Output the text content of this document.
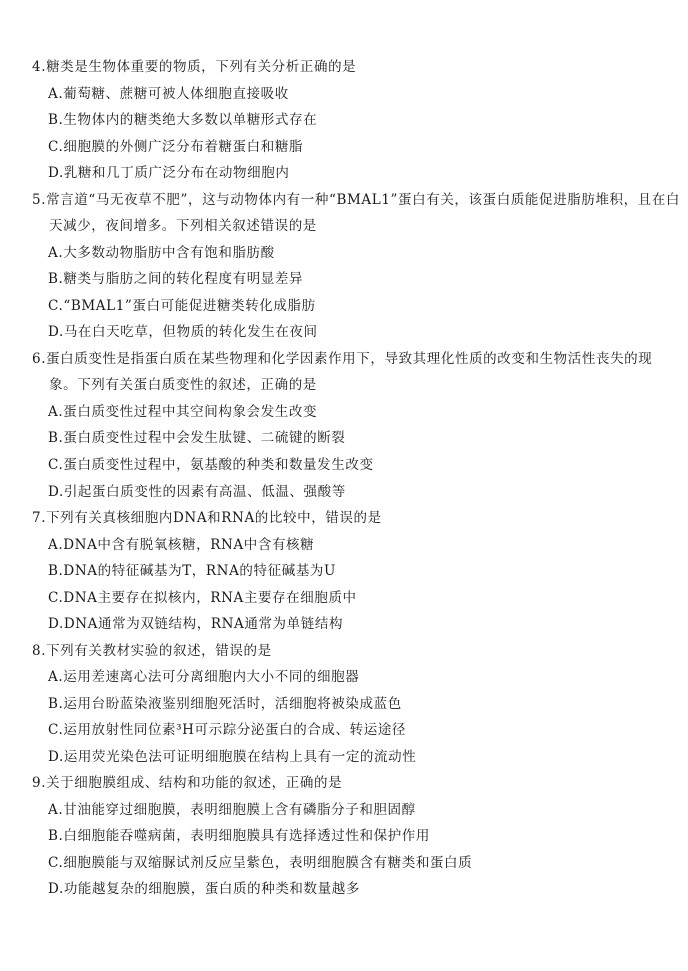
4.糖类是生物体重要的物质，下列有关分析正确的是
A.葡萄糖、蔗糖可被人体细胞直接吸收
B.生物体内的糖类绝大多数以单糖形式存在
C.细胞膜的外侧广泛分布着糖蛋白和糖脂
D.乳糖和几丁质广泛分布在动物细胞内
5.常言道“马无夜草不肥”，这与动物体内有一种“BMAL1”蛋白有关，该蛋白质能促进脂肪堆积，且在白
天减少，夜间增多。下列相关叙述错误的是
A.大多数动物脂肪中含有饱和脂肪酸
B.糖类与脂肪之间的转化程度有明显差异
C.“BMAL1”蛋白可能促进糖类转化成脂肪
D.马在白天吃草，但物质的转化发生在夜间
6.蛋白质变性是指蛋白质在某些物理和化学因素作用下，导致其理化性质的改变和生物活性丧失的现
象。下列有关蛋白质变性的叙述，正确的是
A.蛋白质变性过程中其空间构象会发生改变
B.蛋白质变性过程中会发生肽键、二硫键的断裂
C.蛋白质变性过程中，氨基酸的种类和数量发生改变
D.引起蛋白质变性的因素有高温、低温、强酸等
7.下列有关真核细胞内DNA和RNA的比较中，错误的是
A.DNA中含有脱氧核糖，RNA中含有核糖
B.DNA的特征碱基为T，RNA的特征碱基为U
C.DNA主要存在拟核内，RNA主要存在细胞质中
D.DNA通常为双链结构，RNA通常为单链结构
8.下列有关教材实验的叙述，错误的是
A.运用差速离心法可分离细胞内大小不同的细胞器
B.运用台盼蓝染液鉴别细胞死活时，活细胞将被染成蓝色
C.运用放射性同位素³H可示踪分泌蛋白的合成、转运途径
D.运用荧光染色法可证明细胞膜在结构上具有一定的流动性
9.关于细胞膜组成、结构和功能的叙述，正确的是
A.甘油能穿过细胞膜，表明细胞膜上含有磷脂分子和胆固醇
B.白细胞能吞噬病菌，表明细胞膜具有选择透过性和保护作用
C.细胞膜能与双缩脲试剂反应呈紫色，表明细胞膜含有糖类和蛋白质
D.功能越复杂的细胞膜，蛋白质的种类和数量越多
